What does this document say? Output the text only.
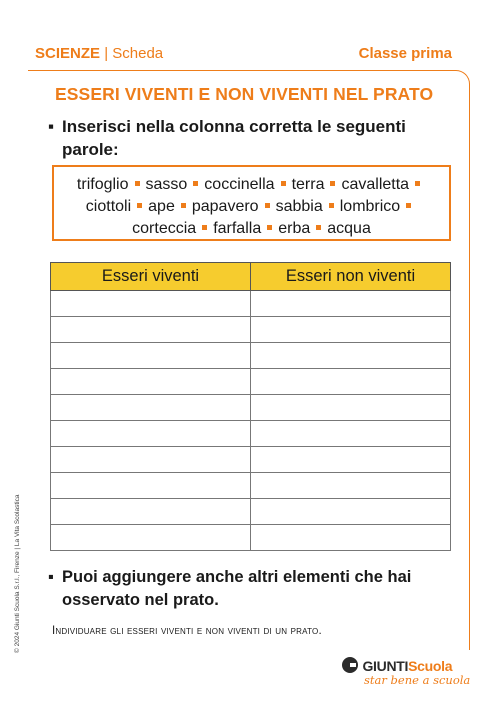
SCIENZE | Scheda	Classe prima
ESSERI VIVENTI E NON VIVENTI NEL PRATO
▪ Inserisci nella colonna corretta le seguenti
parole:
trifoglio sasso coccinella terra cavalletta
ciottoli ape papavero sabbia lombrico
corteccia farfalla erba acqua
Esseri viventi	Esseri non viventi

▪ Puoi aggiungere anche altri elementi che hai
osservato nel prato.
Individuare gli esseri viventi e non viventi di un prato.
© 2024 Giunti Scuola S.r.l., Firenze | La Vita Scolastica
GIUNTIScuola
star bene a scuola
